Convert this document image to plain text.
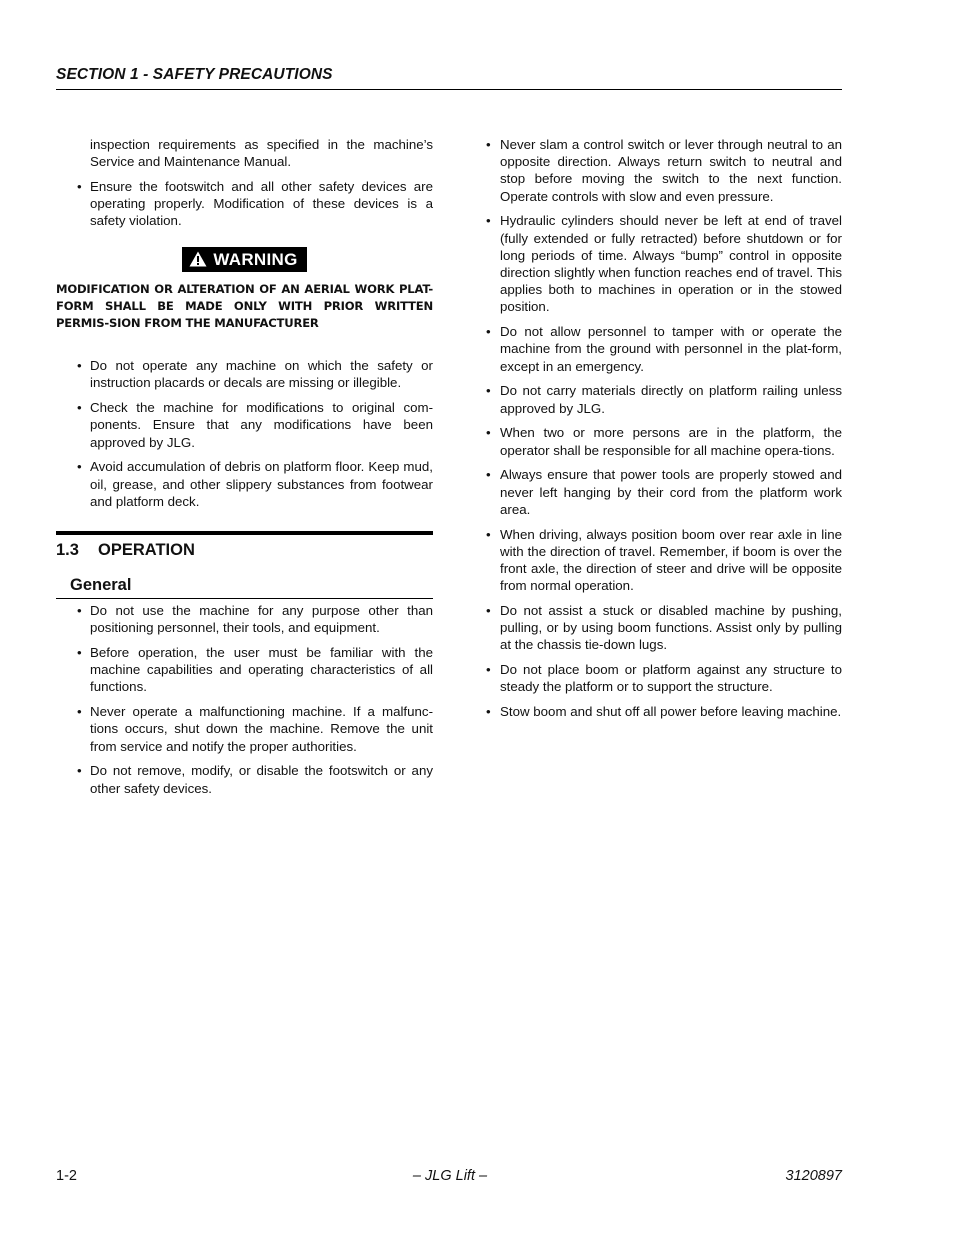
SECTION 1 - SAFETY PRECAUTIONS
inspection requirements as specified in the machine’s Service and Maintenance Manual.
• Ensure the footswitch and all other safety devices are operating properly. Modification of these devices is a safety violation.
WARNING
MODIFICATION OR ALTERATION OF AN AERIAL WORK PLAT-FORM SHALL BE MADE ONLY WITH PRIOR WRITTEN PERMIS-SION FROM THE MANUFACTURER
• Do not operate any machine on which the safety or instruction placards or decals are missing or illegible.
• Check the machine for modifications to original com-ponents. Ensure that any modifications have been approved by JLG.
• Avoid accumulation of debris on platform floor. Keep mud, oil, grease, and other slippery substances from footwear and platform deck.
1.3 OPERATION
General
• Do not use the machine for any purpose other than positioning personnel, their tools, and equipment.
• Before operation, the user must be familiar with the machine capabilities and operating characteristics of all functions.
• Never operate a malfunctioning machine. If a malfunc-tions occurs, shut down the machine. Remove the unit from service and notify the proper authorities.
• Do not remove, modify, or disable the footswitch or any other safety devices.
• Never slam a control switch or lever through neutral to an opposite direction. Always return switch to neutral and stop before moving the switch to the next function. Operate controls with slow and even pressure.
• Hydraulic cylinders should never be left at end of travel (fully extended or fully retracted) before shutdown or for long periods of time. Always “bump” control in opposite direction slightly when function reaches end of travel. This applies both to machines in operation or in the stowed position.
• Do not allow personnel to tamper with or operate the machine from the ground with personnel in the plat-form, except in an emergency.
• Do not carry materials directly on platform railing unless approved by JLG.
• When two or more persons are in the platform, the operator shall be responsible for all machine opera-tions.
• Always ensure that power tools are properly stowed and never left hanging by their cord from the platform work area.
• When driving, always position boom over rear axle in line with the direction of travel. Remember, if boom is over the front axle, the direction of steer and drive will be opposite from normal operation.
• Do not assist a stuck or disabled machine by pushing, pulling, or by using boom functions. Assist only by pulling at the chassis tie-down lugs.
• Do not place boom or platform against any structure to steady the platform or to support the structure.
• Stow boom and shut off all power before leaving machine.
1-2	– JLG Lift –	3120897
